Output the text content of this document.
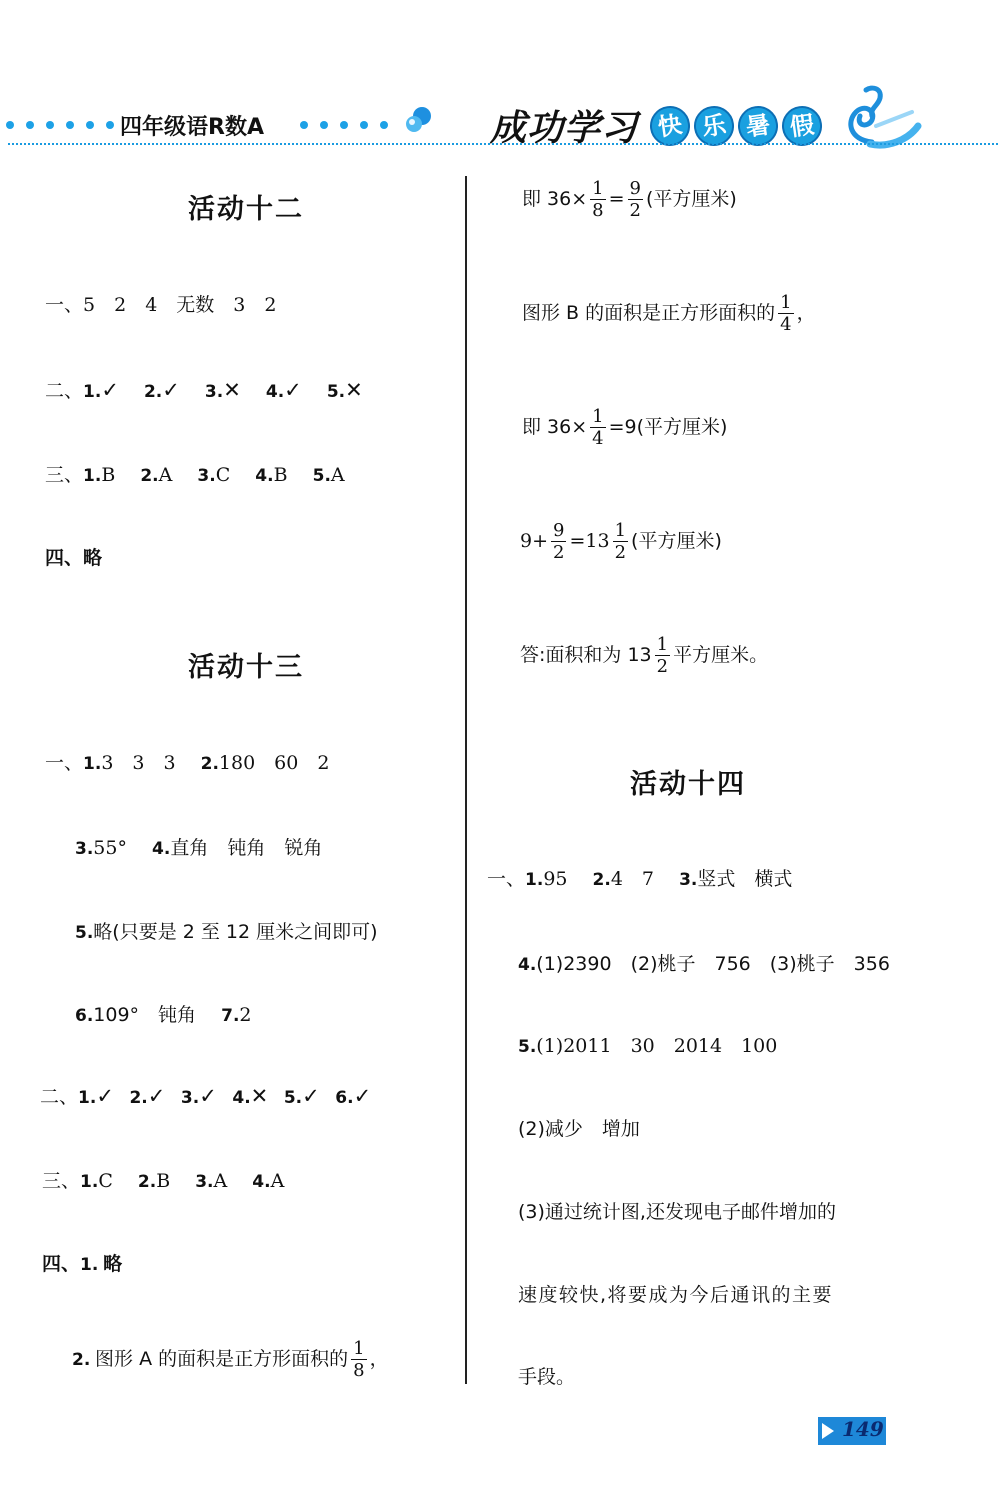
四年级语R数A	成功学习 快 乐 暑 假
活动十二
一、5　2　4　无数　3　2
二、1.✓   2.✓   3.✕   4.✓   5.✕
三、1.B   2.A   3.C   4.B   5.A
四、略
活动十三
一、1.3　3　3   2.180　60　2
3.55°   4.直角　钝角　锐角
5.略(只要是 2 至 12 厘米之间即可)
6.109°　钝角   7.2
二、1.✓   2.✓   3.✓   4.✕   5.✓   6.✓
三、1.C   2.B   3.A   4.A
四、1.  略
2.  图形 A 的面积是正方形面积的 $\frac{1}{8}$ ，
即 $36\times \frac{1}{8} = \frac{9}{2}$ (平方厘米)
图形 B 的面积是正方形面积的 $\frac{1}{4}$ ，
即 $36\times \frac{1}{4} =9$(平方厘米)
$9+ \frac{9}{2} =13 \frac{1}{2}$ (平方厘米)
答:面积和为 $13 \frac{1}{2}$ 平方厘米。
活动十四
一、1.95   2.4　7   3.竖式　横式
4.(1)2390　(2)桃子　756　(3)桃子　356
5.(1)2011　30　2014　100
(2)减少　增加
(3)通过统计图,还发现电子邮件增加的
速度较快,将要成为今后通讯的主要
手段。
149
